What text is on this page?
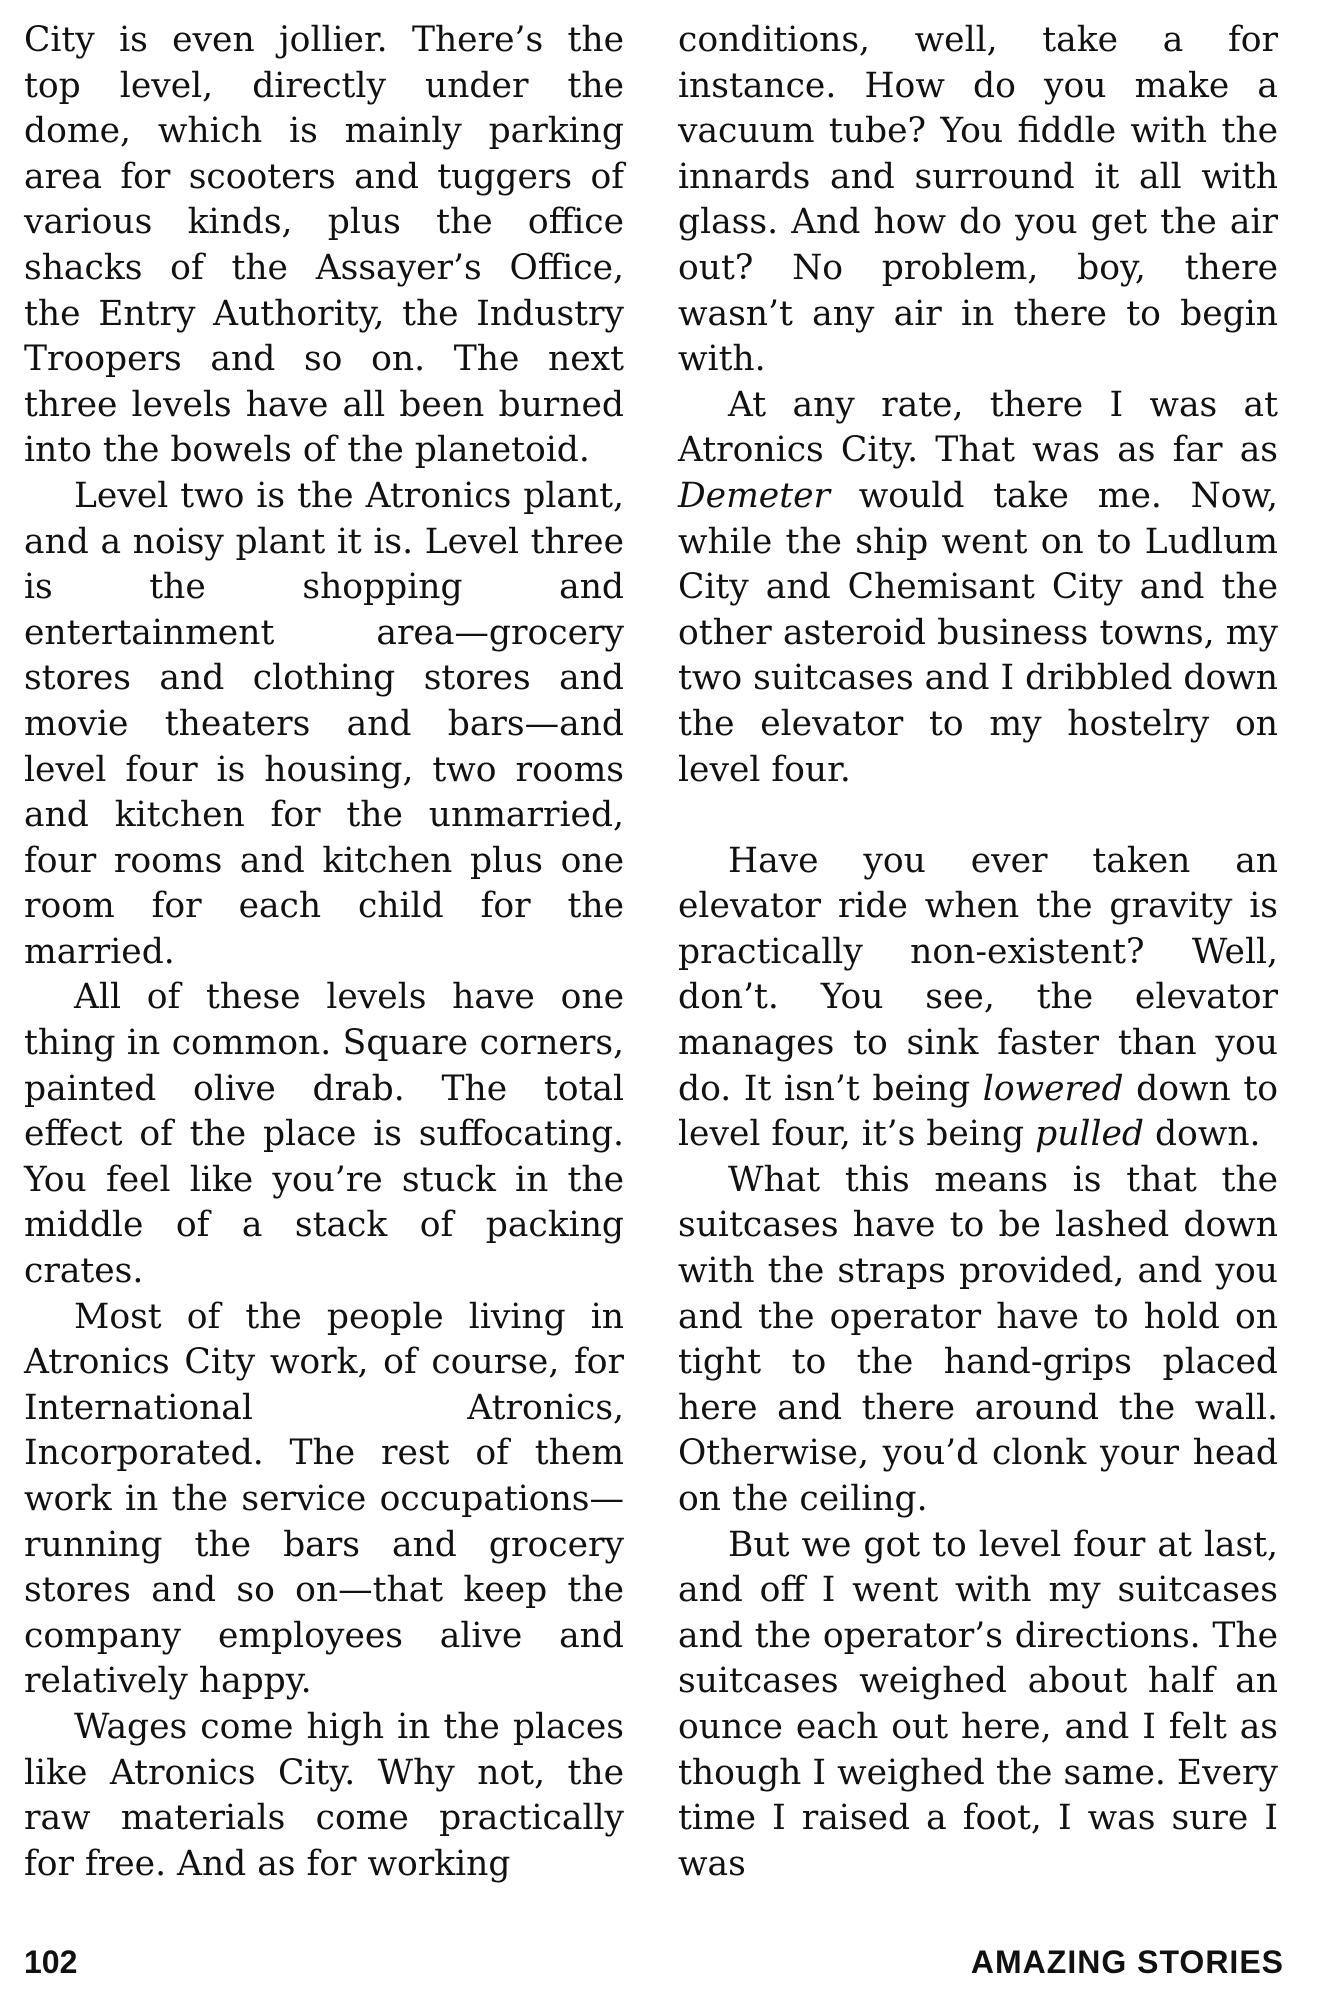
City is even jollier. There’s the top level, directly under the dome, which is mainly parking area for scooters and tuggers of various kinds, plus the office shacks of the Assayer’s Office, the Entry Authority, the Industry Troopers and so on. The next three levels have all been burned into the bowels of the planetoid.

Level two is the Atronics plant, and a noisy plant it is. Level three is the shopping and entertainment area—grocery stores and clothing stores and movie theaters and bars—and level four is housing, two rooms and kitchen for the unmarried, four rooms and kitchen plus one room for each child for the married.

All of these levels have one thing in common. Square corners, painted olive drab. The total effect of the place is suffocating. You feel like you’re stuck in the middle of a stack of packing crates.

Most of the people living in Atronics City work, of course, for International Atronics, Incorporated. The rest of them work in the service occupations—running the bars and grocery stores and so on—that keep the company employees alive and relatively happy.

Wages come high in the places like Atronics City. Why not, the raw materials come practically for free. And as for working

conditions, well, take a for instance. How do you make a vacuum tube? You fiddle with the innards and surround it all with glass. And how do you get the air out? No problem, boy, there wasn’t any air in there to begin with.

At any rate, there I was at Atronics City. That was as far as Demeter would take me. Now, while the ship went on to Ludlum City and Chemisant City and the other asteroid business towns, my two suitcases and I dribbled down the elevator to my hostelry on level four.

Have you ever taken an elevator ride when the gravity is practically non-existent? Well, don’t. You see, the elevator manages to sink faster than you do. It isn’t being lowered down to level four, it’s being pulled down.

What this means is that the suitcases have to be lashed down with the straps provided, and you and the operator have to hold on tight to the hand-grips placed here and there around the wall. Otherwise, you’d clonk your head on the ceiling.

But we got to level four at last, and off I went with my suitcases and the operator’s directions. The suitcases weighed about half an ounce each out here, and I felt as though I weighed the same. Every time I raised a foot, I was sure I was

102	AMAZING STORIES
